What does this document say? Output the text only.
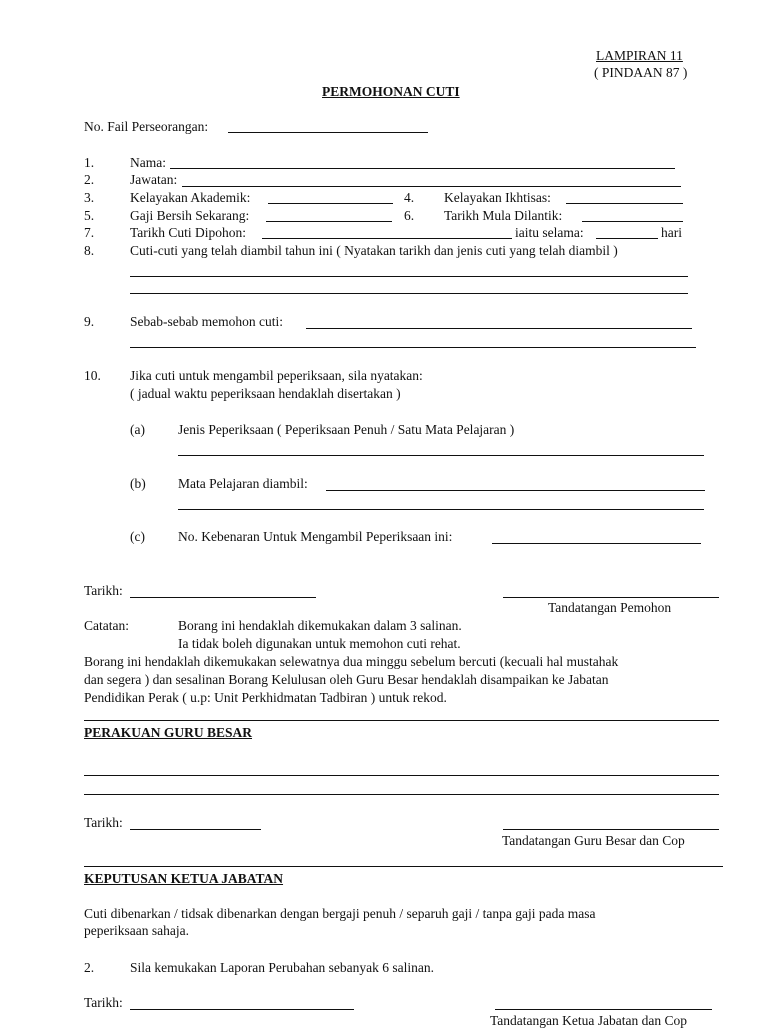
LAMPIRAN 11
( PINDAAN 87 )
PERMOHONAN CUTI
No. Fail Perseorangan:
1.	Nama:
2.	Jawatan:
3.	Kelayakan Akademik:	4. Kelayakan Ikhtisas:
5.	Gaji Bersih Sekarang:	6. Tarikh Mula Dilantik:
7.	Tarikh Cuti Dipohon:	iaitu selama:	hari
8.	Cuti-cuti yang telah diambil tahun ini ( Nyatakan tarikh dan jenis cuti yang telah diambil )
9.	Sebab-sebab memohon cuti:
10. Jika cuti untuk mengambil peperiksaan, sila nyatakan:
( jadual waktu peperiksaan hendaklah disertakan )
(a) Jenis Peperiksaan ( Peperiksaan Penuh / Satu Mata Pelajaran )
(b) Mata Pelajaran diambil:
(c) No. Kebenaran Untuk Mengambil Peperiksaan ini:
Tarikh:
Tandatangan Pemohon
Catatan:	Borang ini hendaklah dikemukakan dalam 3 salinan.
Ia tidak boleh digunakan untuk memohon cuti rehat.
Borang ini hendaklah dikemukakan selewatnya dua minggu sebelum bercuti (kecuali hal mustahak
dan segera ) dan sesalinan Borang Kelulusan oleh Guru Besar hendaklah disampaikan ke Jabatan
Pendidikan Perak ( u.p: Unit Perkhidmatan Tadbiran ) untuk rekod.
PERAKUAN GURU BESAR
Tarikh:
Tandatangan Guru Besar dan Cop
KEPUTUSAN KETUA JABATAN
Cuti dibenarkan / tidsak dibenarkan dengan bergaji penuh / separuh gaji / tanpa gaji pada masa
peperiksaan sahaja.
2.	Sila kemukakan Laporan Perubahan sebanyak 6 salinan.
Tarikh:
Tandatangan Ketua Jabatan dan Cop
